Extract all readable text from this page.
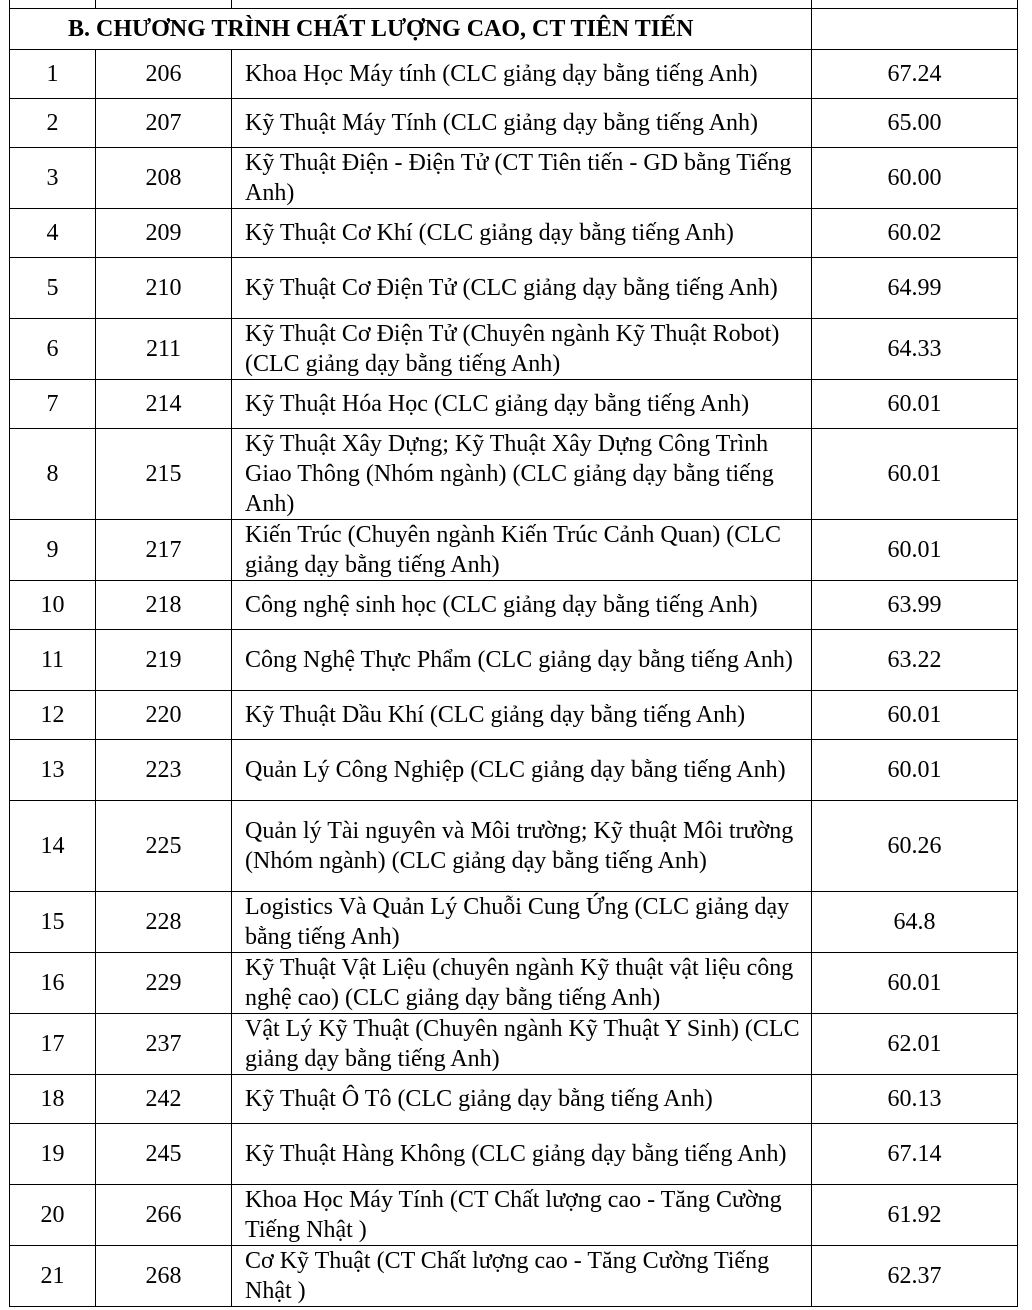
B. CHƯƠNG TRÌNH CHẤT LƯỢNG CAO, CT TIÊN TIẾN			
1	206	Khoa Học Máy tính (CLC giảng dạy bằng tiếng Anh)	67.24
2	207	Kỹ Thuật Máy Tính (CLC giảng dạy bằng tiếng Anh)	65.00
3	208	Kỹ Thuật Điện - Điện Tử (CT Tiên tiến - GD bằng Tiếng Anh)	60.00
4	209	Kỹ Thuật Cơ Khí (CLC giảng dạy bằng tiếng Anh)	60.02
5	210	Kỹ Thuật Cơ Điện Tử (CLC giảng dạy bằng tiếng Anh)	64.99
6	211	Kỹ Thuật Cơ Điện Tử (Chuyên ngành Kỹ Thuật Robot) (CLC giảng dạy bằng tiếng Anh)	64.33
7	214	Kỹ Thuật Hóa Học (CLC giảng dạy bằng tiếng Anh)	60.01
8	215	Kỹ Thuật Xây Dựng; Kỹ Thuật Xây Dựng Công Trình Giao Thông (Nhóm ngành) (CLC giảng dạy bằng tiếng Anh)	60.01
9	217	Kiến Trúc (Chuyên ngành Kiến Trúc Cảnh Quan) (CLC giảng dạy bằng tiếng Anh)	60.01
10	218	Công nghệ sinh học (CLC giảng dạy bằng tiếng Anh)	63.99
11	219	Công Nghệ Thực Phẩm (CLC giảng dạy bằng tiếng Anh)	63.22
12	220	Kỹ Thuật Dầu Khí (CLC giảng dạy bằng tiếng Anh)	60.01
13	223	Quản Lý Công Nghiệp (CLC giảng dạy bằng tiếng Anh)	60.01
14	225	Quản lý Tài nguyên và Môi trường; Kỹ thuật Môi trường (Nhóm ngành) (CLC giảng dạy bằng tiếng Anh)	60.26
15	228	Logistics Và Quản Lý Chuỗi Cung Ứng (CLC giảng dạy bằng tiếng Anh)	64.8
16	229	Kỹ Thuật Vật Liệu (chuyên ngành Kỹ thuật vật liệu công nghệ cao) (CLC giảng dạy bằng tiếng Anh)	60.01
17	237	Vật Lý Kỹ Thuật (Chuyên ngành Kỹ Thuật Y Sinh) (CLC giảng dạy bằng tiếng Anh)	62.01
18	242	Kỹ Thuật Ô Tô (CLC giảng dạy bằng tiếng Anh)	60.13
19	245	Kỹ Thuật Hàng Không (CLC giảng dạy bằng tiếng Anh)	67.14
20	266	Khoa Học Máy Tính (CT Chất lượng cao - Tăng Cường Tiếng Nhật )	61.92
21	268	Cơ Kỹ Thuật (CT Chất lượng cao - Tăng Cường Tiếng Nhật )	62.37
